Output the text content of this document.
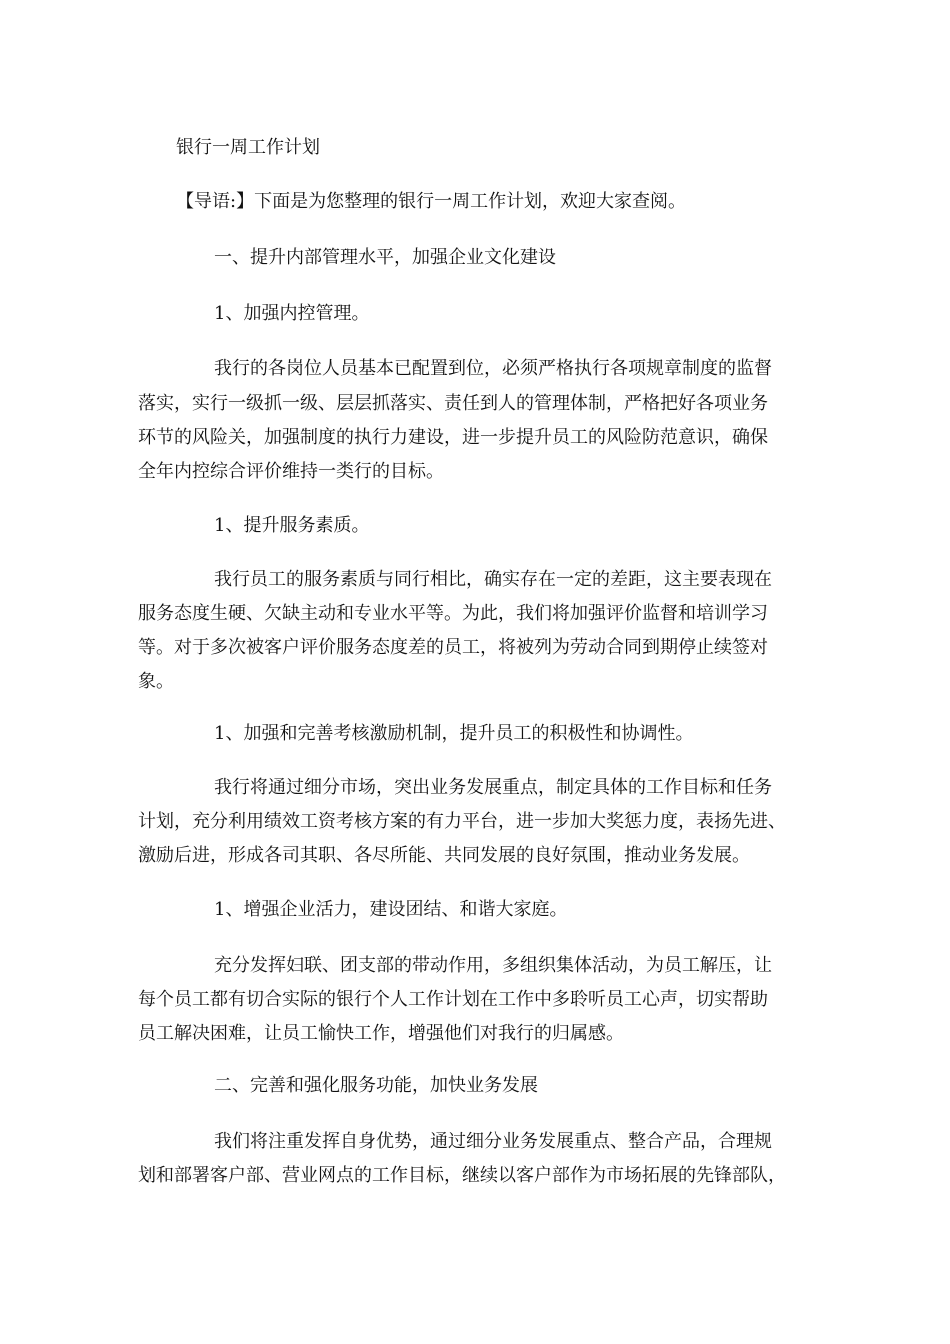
银行一周工作计划
【导语:】下面是为您整理的银行一周工作计划，欢迎大家查阅。
一、提升内部管理水平，加强企业文化建设
1、加强内控管理。
我行的各岗位人员基本已配置到位，必须严格执行各项规章制度的监督
落实，实行一级抓一级、层层抓落实、责任到人的管理体制，严格把好各项业务
环节的风险关，加强制度的执行力建设，进一步提升员工的风险防范意识，确保
全年内控综合评价维持一类行的目标。
1、提升服务素质。
我行员工的服务素质与同行相比，确实存在一定的差距，这主要表现在
服务态度生硬、欠缺主动和专业水平等。为此，我们将加强评价监督和培训学习
等。对于多次被客户评价服务态度差的员工，将被列为劳动合同到期停止续签对
象。
1、加强和完善考核激励机制，提升员工的积极性和协调性。
我行将通过细分市场，突出业务发展重点，制定具体的工作目标和任务
计划，充分利用绩效工资考核方案的有力平台，进一步加大奖惩力度，表扬先进、
激励后进，形成各司其职、各尽所能、共同发展的良好氛围，推动业务发展。
1、增强企业活力，建设团结、和谐大家庭。
充分发挥妇联、团支部的带动作用，多组织集体活动，为员工解压，让
每个员工都有切合实际的银行个人工作计划在工作中多聆听员工心声，切实帮助
员工解决困难，让员工愉快工作，增强他们对我行的归属感。
二、完善和强化服务功能，加快业务发展
我们将注重发挥自身优势，通过细分业务发展重点、整合产品，合理规
划和部署客户部、营业网点的工作目标，继续以客户部作为市场拓展的先锋部队，
